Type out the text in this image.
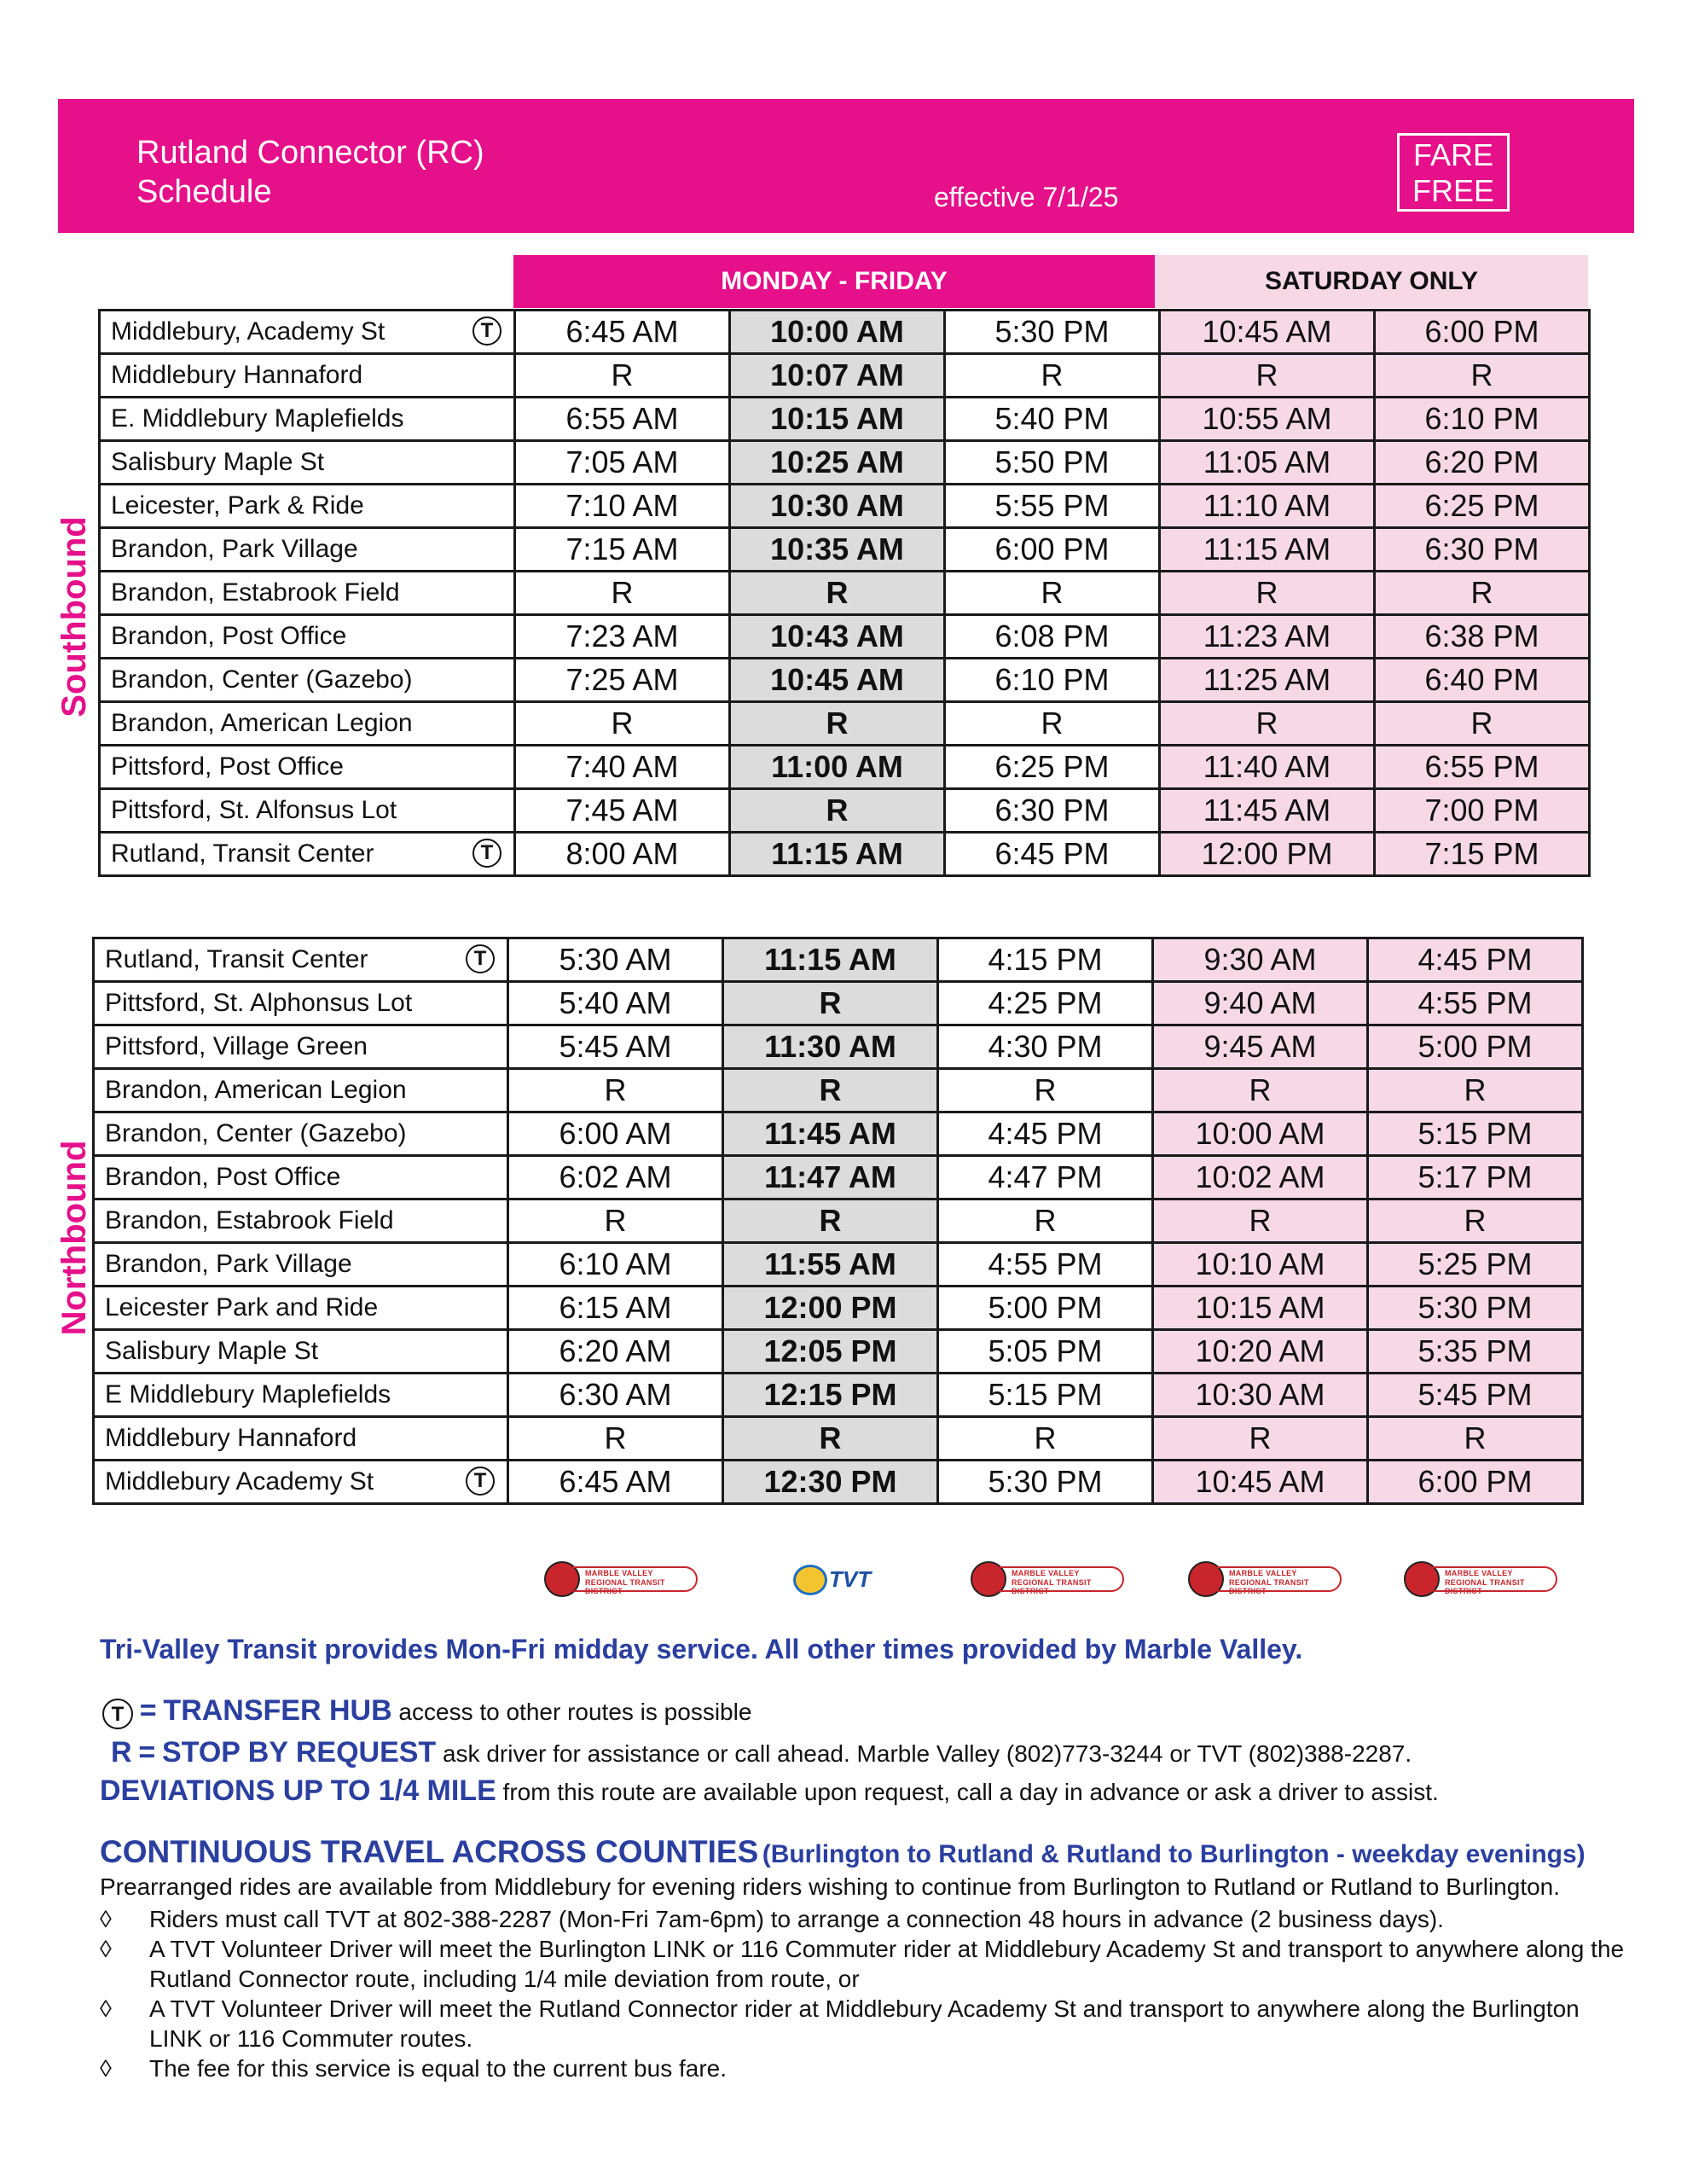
Rutland Connector (RC)
Schedule	effective 7/1/25
FARE
FREE
MONDAY - FRIDAY	SATURDAY ONLY
Southbound
Northbound
Middlebury, Academy St T	6:45 AM	10:00 AM	5:30 PM	10:45 AM	6:00 PM
Middlebury Hannaford	R	10:07 AM	R	R	R
E. Middlebury Maplefields	6:55 AM	10:15 AM	5:40 PM	10:55 AM	6:10 PM
Salisbury Maple St	7:05 AM	10:25 AM	5:50 PM	11:05 AM	6:20 PM
Leicester, Park & Ride	7:10 AM	10:30 AM	5:55 PM	11:10 AM	6:25 PM
Brandon, Park Village	7:15 AM	10:35 AM	6:00 PM	11:15 AM	6:30 PM
Brandon, Estabrook Field	R	R	R	R	R
Brandon, Post Office	7:23 AM	10:43 AM	6:08 PM	11:23 AM	6:38 PM
Brandon, Center (Gazebo)	7:25 AM	10:45 AM	6:10 PM	11:25 AM	6:40 PM
Brandon, American Legion	R	R	R	R	R
Pittsford, Post Office	7:40 AM	11:00 AM	6:25 PM	11:40 AM	6:55 PM
Pittsford, St. Alfonsus Lot	7:45 AM	R	6:30 PM	11:45 AM	7:00 PM
Rutland, Transit Center T	8:00 AM	11:15 AM	6:45 PM	12:00 PM	7:15 PM
Rutland, Transit Center T	5:30 AM	11:15 AM	4:15 PM	9:30 AM	4:45 PM
Pittsford, St. Alphonsus Lot	5:40 AM	R	4:25 PM	9:40 AM	4:55 PM
Pittsford, Village Green	5:45 AM	11:30 AM	4:30 PM	9:45 AM	5:00 PM
Brandon, American Legion	R	R	R	R	R
Brandon, Center (Gazebo)	6:00 AM	11:45 AM	4:45 PM	10:00 AM	5:15 PM
Brandon, Post Office	6:02 AM	11:47 AM	4:47 PM	10:02 AM	5:17 PM
Brandon, Estabrook Field	R	R	R	R	R
Brandon, Park Village	6:10 AM	11:55 AM	4:55 PM	10:10 AM	5:25 PM
Leicester Park and Ride	6:15 AM	12:00 PM	5:00 PM	10:15 AM	5:30 PM
Salisbury Maple St	6:20 AM	12:05 PM	5:05 PM	10:20 AM	5:35 PM
E Middlebury Maplefields	6:30 AM	12:15 PM	5:15 PM	10:30 AM	5:45 PM
Middlebury Hannaford	R	R	R	R	R
Middlebury Academy St T	6:45 AM	12:30 PM	5:30 PM	10:45 AM	6:00 PM
MARBLE VALLEY
REGIONAL TRANSIT DISTRICT	TVT	MARBLE VALLEY
REGIONAL TRANSIT DISTRICT
MARBLE VALLEY
REGIONAL TRANSIT DISTRICT
MARBLE VALLEY
REGIONAL TRANSIT DISTRICT
Tri-Valley Transit provides Mon-Fri midday service. All other times provided by Marble Valley.
T = TRANSFER HUB access to other routes is possible
R = STOP BY REQUEST ask driver for assistance or call ahead. Marble Valley (802)773-3244 or TVT (802)388-2287.
DEVIATIONS UP TO 1/4 MILE from this route are available upon request, call a day in advance or ask a driver to assist.
CONTINUOUS TRAVEL ACROSS COUNTIES (Burlington to Rutland & Rutland to Burlington - weekday evenings)
Prearranged rides are available from Middlebury for evening riders wishing to continue from Burlington to Rutland or Rutland to Burlington.
◊ Riders must call TVT at 802-388-2287 (Mon-Fri 7am-6pm) to arrange a connection 48 hours in advance (2 business days).
◊ A TVT Volunteer Driver will meet the Burlington LINK or 116 Commuter rider at Middlebury Academy St and transport to anywhere along the Rutland Connector route, including 1/4 mile deviation from route, or
◊ A TVT Volunteer Driver will meet the Rutland Connector rider at Middlebury Academy St and transport to anywhere along the Burlington LINK or 116 Commuter routes.
◊ The fee for this service is equal to the current bus fare.
